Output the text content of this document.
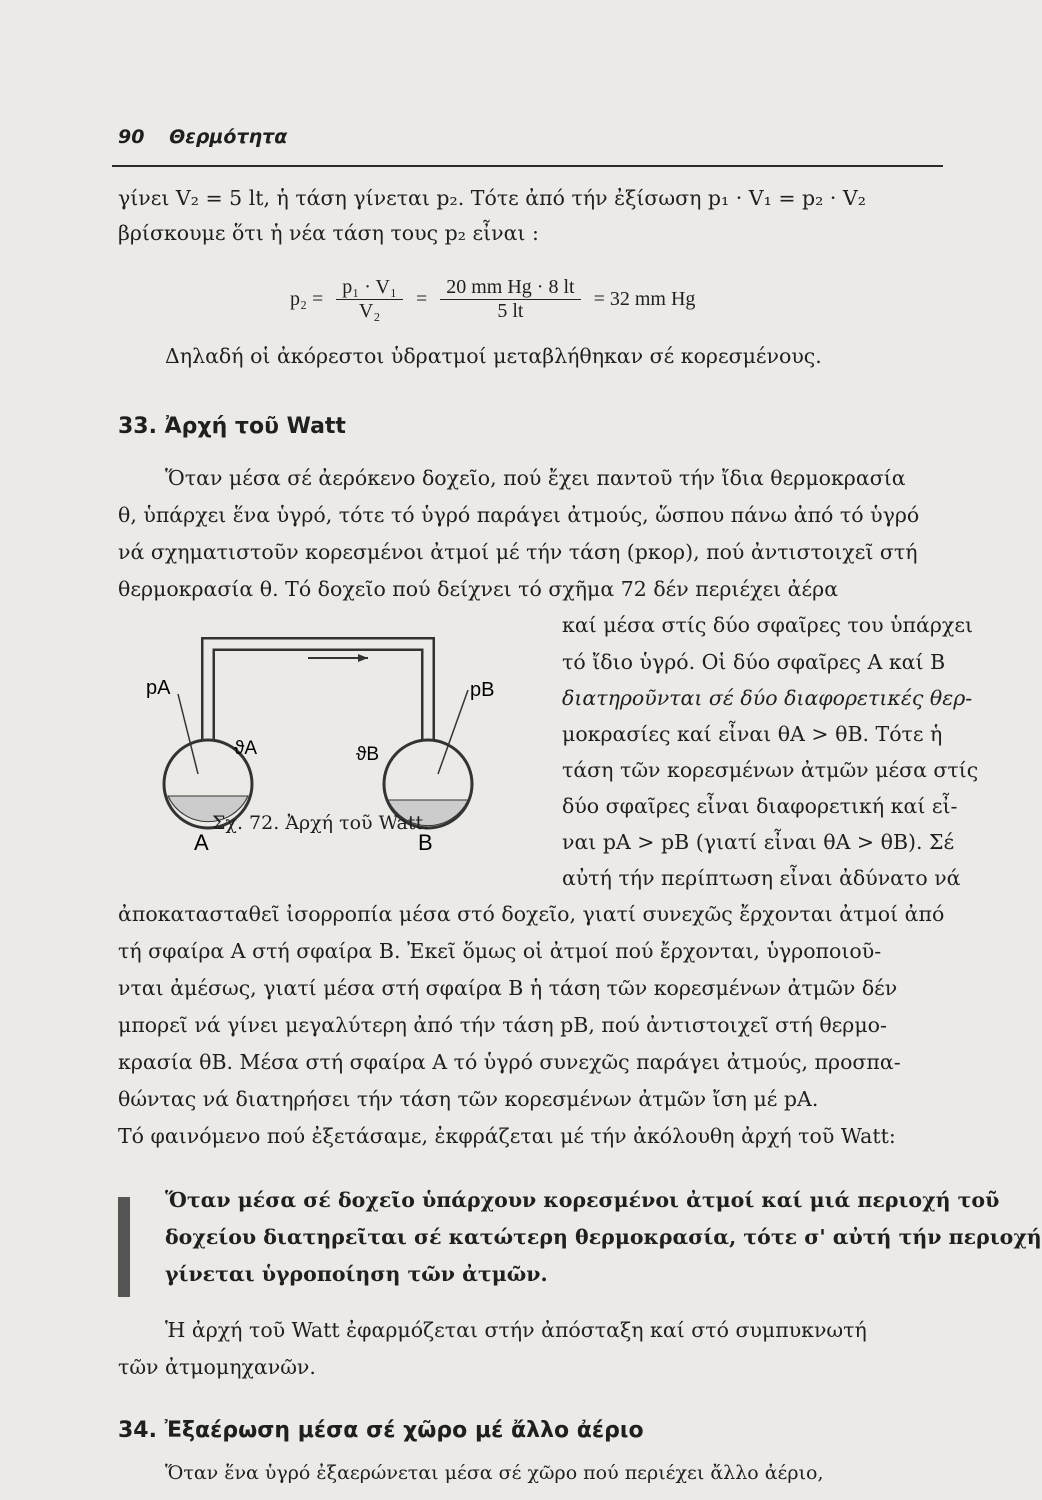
90 Θερμότητα
γίνει V₂ = 5 lt, ἡ τάση γίνεται p₂. Τότε ἀπό τήν ἐξίσωση p₁ · V₁ = p₂ · V₂
βρίσκουμε ὅτι ἡ νέα τάση τους p₂ εἶναι :
$p_2 = \frac{\text{p₁ · V₁}}{\text{V₂}} = \frac{\text{20 mm Hg · 8 lt}}{5 lt} = 32$ mm Hg
Δηλαδή οἱ ἀκόρεστοι ὑδρατμοί μεταβλήθηκαν σέ κορεσμένους.
33. Ἀρχή τοῦ Watt
Ὅταν μέσα σέ ἀερόκενο δοχεῖο, πού ἔχει παντοῦ τήν ἴδια θερμοκρασία
θ, ὑπάρχει ἕνα ὑγρό, τότε τό ὑγρό παράγει ἀτμούς, ὥσπου πάνω ἀπό τό ὑγρό
νά σχηματιστοῦν κορεσμένοι ἀτμοί μέ τήν τάση (pκορ), πού ἀντιστοιχεῖ στή
θερμοκρασία θ. Τό δοχεῖο πού δείχνει τό σχῆμα 72 δέν περιέχει ἀέρα
καί μέσα στίς δύο σφαῖρες του ὑπάρχει
τό ἴδιο ὑγρό. Οἱ δύο σφαῖρες A καί B
διατηροῦνται σέ δύο διαφορετικές θερ-
μοκρασίες καί εἶναι θA > θB. Τότε ἡ
τάση τῶν κορεσμένων ἀτμῶν μέσα στίς
δύο σφαῖρες εἶναι διαφορετική καί εἶ-
ναι pA > pB (γιατί εἶναι θA > θB). Σέ
αὐτή τήν περίπτωση εἶναι ἀδύνατο νά
pA	pB
ϑA	ϑB
A	B
Σχ. 72. Ἀρχή τοῦ Watt.
ἀποκατασταθεῖ ἰσορροπία μέσα στό δοχεῖο, γιατί συνεχῶς ἔρχονται ἀτμοί ἀπό
τή σφαίρα A στή σφαίρα B. Ἐκεῖ ὅμως οἱ ἀτμοί πού ἔρχονται, ὑγροποιοῦ-
νται ἀμέσως, γιατί μέσα στή σφαίρα B ἡ τάση τῶν κορεσμένων ἀτμῶν δέν
μπορεῖ νά γίνει μεγαλύτερη ἀπό τήν τάση pB, πού ἀντιστοιχεῖ στή θερμο-
κρασία θB. Μέσα στή σφαίρα A τό ὑγρό συνεχῶς παράγει ἀτμούς, προσπα-
θώντας νά διατηρήσει τήν τάση τῶν κορεσμένων ἀτμῶν ἴση μέ pA.
Τό φαινόμενο πού ἐξετάσαμε, ἐκφράζεται μέ τήν ἀκόλουθη ἀρχή τοῦ Watt:
Ὅταν μέσα σέ δοχεῖο ὑπάρχουν κορεσμένοι ἀτμοί καί μιά περιοχή τοῦ
δοχείου διατηρεῖται σέ κατώτερη θερμοκρασία, τότε σ' αὐτή τήν περιοχή
γίνεται ὑγροποίηση τῶν ἀτμῶν.
Ἡ ἀρχή τοῦ Watt ἐφαρμόζεται στήν ἀπόσταξη καί στό συμπυκνωτή
τῶν ἀτμομηχανῶν.
34. Ἐξαέρωση μέσα σέ χῶρο μέ ἄλλο ἀέριο
Ὅταν ἕνα ὑγρό ἐξαερώνεται μέσα σέ χῶρο πού περιέχει ἄλλο ἀέριο,
